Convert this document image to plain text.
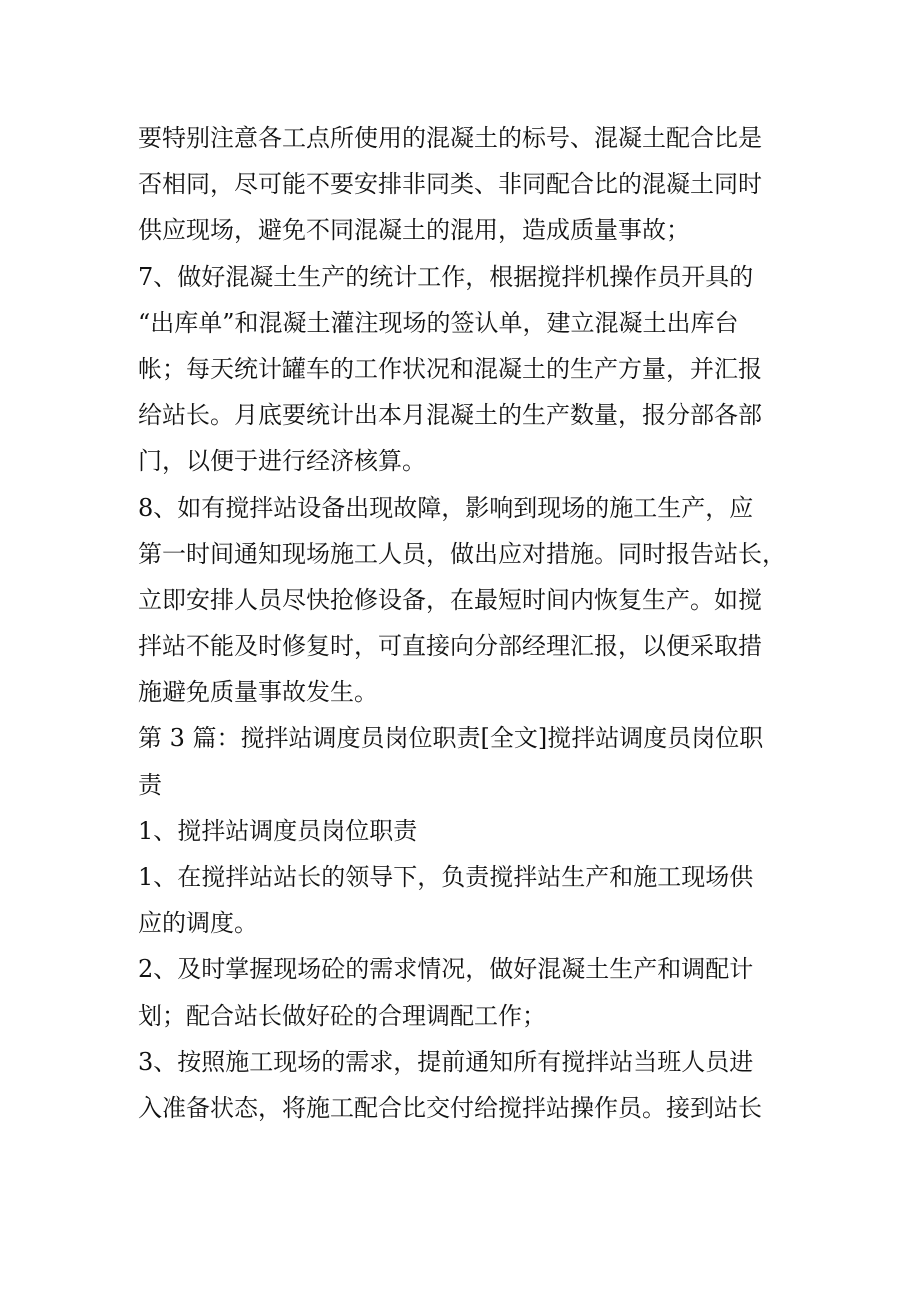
要特别注意各工点所使用的混凝土的标号、混凝土配合比是
否相同，尽可能不要安排非同类、非同配合比的混凝土同时
供应现场，避免不同混凝土的混用，造成质量事故；
7、做好混凝土生产的统计工作，根据搅拌机操作员开具的
“出库单”和混凝土灌注现场的签认单，建立混凝土出库台
帐；每天统计罐车的工作状况和混凝土的生产方量，并汇报
给站长。月底要统计出本月混凝土的生产数量，报分部各部
门，以便于进行经济核算。
8、如有搅拌站设备出现故障，影响到现场的施工生产，应
第一时间通知现场施工人员，做出应对措施。同时报告站长，
立即安排人员尽快抢修设备，在最短时间内恢复生产。如搅
拌站不能及时修复时，可直接向分部经理汇报，以便采取措
施避免质量事故发生。
第 3 篇：搅拌站调度员岗位职责[全文]搅拌站调度员岗位职
责
1、搅拌站调度员岗位职责
1、在搅拌站站长的领导下，负责搅拌站生产和施工现场供
应的调度。
2、及时掌握现场砼的需求情况，做好混凝土生产和调配计
划；配合站长做好砼的合理调配工作；
3、按照施工现场的需求，提前通知所有搅拌站当班人员进
入准备状态，将施工配合比交付给搅拌站操作员。接到站长
